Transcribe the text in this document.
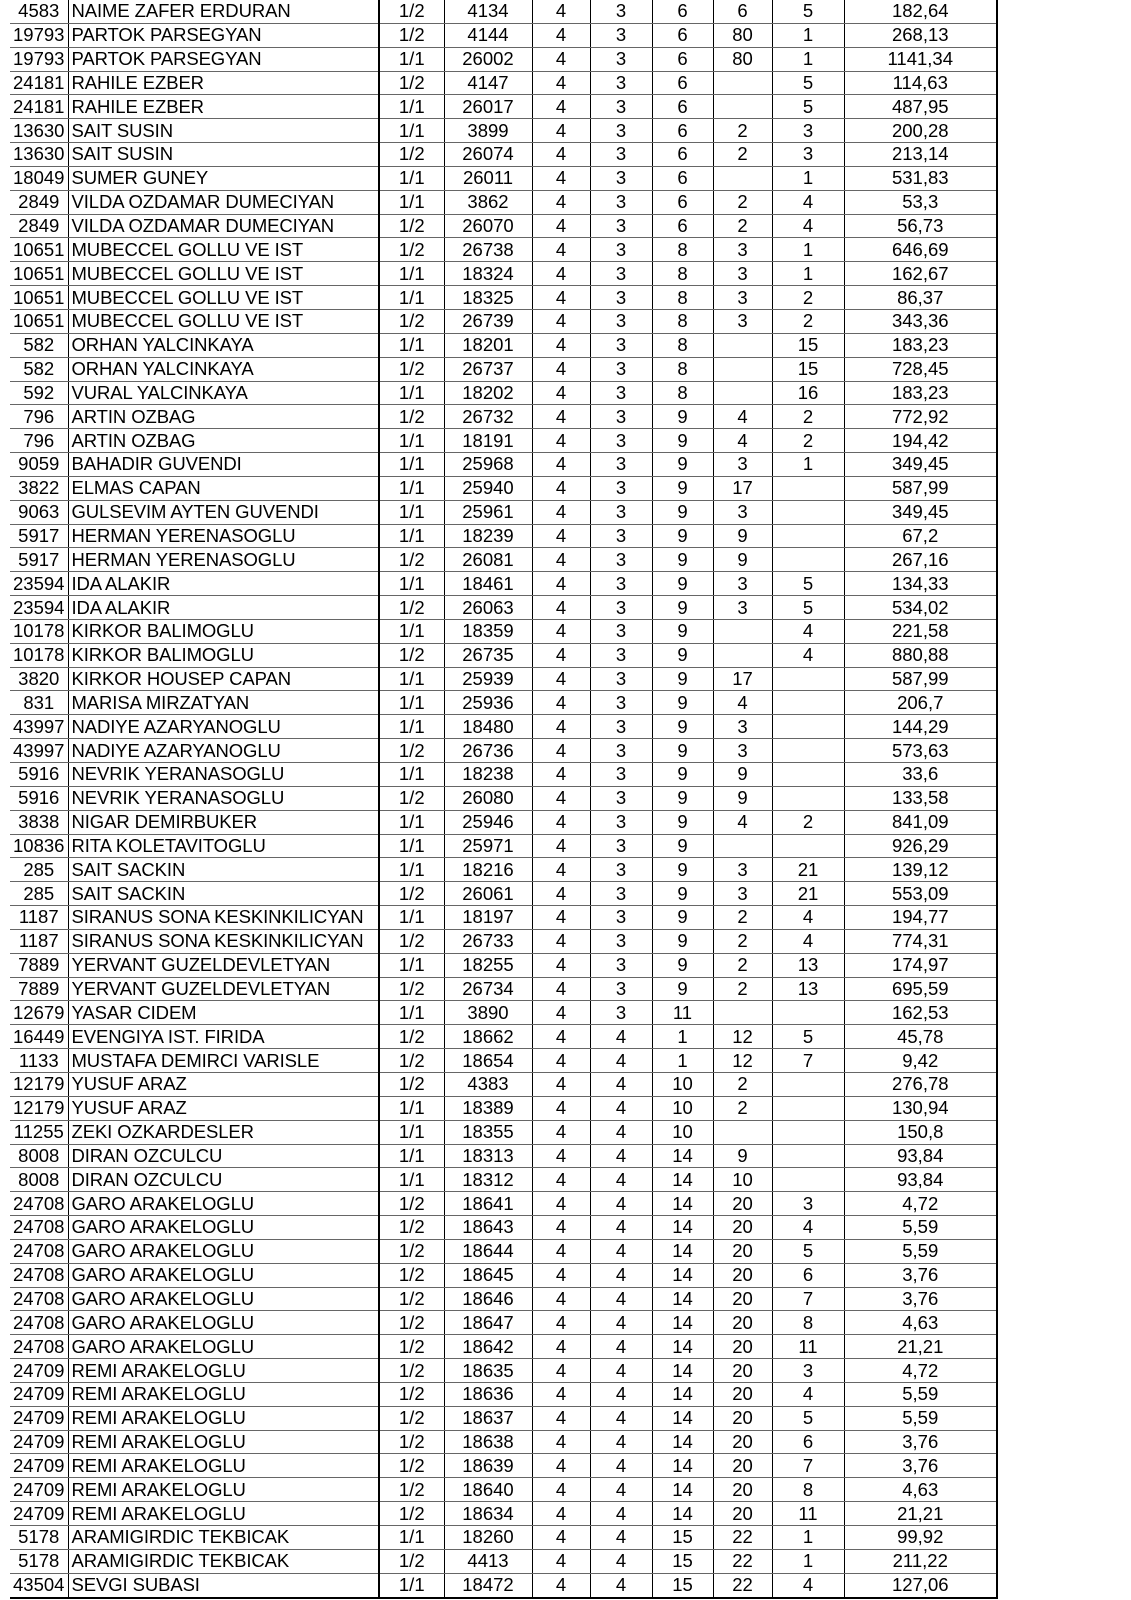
4583	NAIME ZAFER ERDURAN	1/2	4134	4	3	6	6	5	182,64
19793	PARTOK PARSEGYAN	1/2	4144	4	3	6	80	1	268,13
19793	PARTOK PARSEGYAN	1/1	26002	4	3	6	80	1	1141,34
24181	RAHILE EZBER	1/2	4147	4	3	6		5	114,63
24181	RAHILE EZBER	1/1	26017	4	3	6		5	487,95
13630	SAIT SUSIN	1/1	3899	4	3	6	2	3	200,28
13630	SAIT SUSIN	1/2	26074	4	3	6	2	3	213,14
18049	SUMER GUNEY	1/1	26011	4	3	6		1	531,83
2849	VILDA OZDAMAR DUMECIYAN	1/1	3862	4	3	6	2	4	53,3
2849	VILDA OZDAMAR DUMECIYAN	1/2	26070	4	3	6	2	4	56,73
10651	MUBECCEL GOLLU VE IST	1/2	26738	4	3	8	3	1	646,69
10651	MUBECCEL GOLLU VE IST	1/1	18324	4	3	8	3	1	162,67
10651	MUBECCEL GOLLU VE IST	1/1	18325	4	3	8	3	2	86,37
10651	MUBECCEL GOLLU VE IST	1/2	26739	4	3	8	3	2	343,36
582	ORHAN YALCINKAYA	1/1	18201	4	3	8		15	183,23
582	ORHAN YALCINKAYA	1/2	26737	4	3	8		15	728,45
592	VURAL YALCINKAYA	1/1	18202	4	3	8		16	183,23
796	ARTIN OZBAG	1/2	26732	4	3	9	4	2	772,92
796	ARTIN OZBAG	1/1	18191	4	3	9	4	2	194,42
9059	BAHADIR GUVENDI	1/1	25968	4	3	9	3	1	349,45
3822	ELMAS CAPAN	1/1	25940	4	3	9	17		587,99
9063	GULSEVIM AYTEN GUVENDI	1/1	25961	4	3	9	3		349,45
5917	HERMAN YERENASOGLU	1/1	18239	4	3	9	9		67,2
5917	HERMAN YERENASOGLU	1/2	26081	4	3	9	9		267,16
23594	IDA ALAKIR	1/1	18461	4	3	9	3	5	134,33
23594	IDA ALAKIR	1/2	26063	4	3	9	3	5	534,02
10178	KIRKOR BALIMOGLU	1/1	18359	4	3	9		4	221,58
10178	KIRKOR BALIMOGLU	1/2	26735	4	3	9		4	880,88
3820	KIRKOR HOUSEP CAPAN	1/1	25939	4	3	9	17		587,99
831	MARISA MIRZATYAN	1/1	25936	4	3	9	4		206,7
43997	NADIYE AZARYANOGLU	1/1	18480	4	3	9	3		144,29
43997	NADIYE AZARYANOGLU	1/2	26736	4	3	9	3		573,63
5916	NEVRIK YERANASOGLU	1/1	18238	4	3	9	9		33,6
5916	NEVRIK YERANASOGLU	1/2	26080	4	3	9	9		133,58
3838	NIGAR DEMIRBUKER	1/1	25946	4	3	9	4	2	841,09
10836	RITA KOLETAVITOGLU	1/1	25971	4	3	9			926,29
285	SAIT SACKIN	1/1	18216	4	3	9	3	21	139,12
285	SAIT SACKIN	1/2	26061	4	3	9	3	21	553,09
1187	SIRANUS SONA KESKINKILICYAN	1/1	18197	4	3	9	2	4	194,77
1187	SIRANUS SONA KESKINKILICYAN	1/2	26733	4	3	9	2	4	774,31
7889	YERVANT GUZELDEVLETYAN	1/1	18255	4	3	9	2	13	174,97
7889	YERVANT GUZELDEVLETYAN	1/2	26734	4	3	9	2	13	695,59
12679	YASAR CIDEM	1/1	3890	4	3	11			162,53
16449	EVENGIYA IST. FIRIDA	1/2	18662	4	4	1	12	5	45,78
1133	MUSTAFA DEMIRCI VARISLE	1/2	18654	4	4	1	12	7	9,42
12179	YUSUF ARAZ	1/2	4383	4	4	10	2		276,78
12179	YUSUF ARAZ	1/1	18389	4	4	10	2		130,94
11255	ZEKI OZKARDESLER	1/1	18355	4	4	10			150,8
8008	DIRAN OZCULCU	1/1	18313	4	4	14	9		93,84
8008	DIRAN OZCULCU	1/1	18312	4	4	14	10		93,84
24708	GARO ARAKELOGLU	1/2	18641	4	4	14	20	3	4,72
24708	GARO ARAKELOGLU	1/2	18643	4	4	14	20	4	5,59
24708	GARO ARAKELOGLU	1/2	18644	4	4	14	20	5	5,59
24708	GARO ARAKELOGLU	1/2	18645	4	4	14	20	6	3,76
24708	GARO ARAKELOGLU	1/2	18646	4	4	14	20	7	3,76
24708	GARO ARAKELOGLU	1/2	18647	4	4	14	20	8	4,63
24708	GARO ARAKELOGLU	1/2	18642	4	4	14	20	11	21,21
24709	REMI ARAKELOGLU	1/2	18635	4	4	14	20	3	4,72
24709	REMI ARAKELOGLU	1/2	18636	4	4	14	20	4	5,59
24709	REMI ARAKELOGLU	1/2	18637	4	4	14	20	5	5,59
24709	REMI ARAKELOGLU	1/2	18638	4	4	14	20	6	3,76
24709	REMI ARAKELOGLU	1/2	18639	4	4	14	20	7	3,76
24709	REMI ARAKELOGLU	1/2	18640	4	4	14	20	8	4,63
24709	REMI ARAKELOGLU	1/2	18634	4	4	14	20	11	21,21
5178	ARAMIGIRDIC TEKBICAK	1/1	18260	4	4	15	22	1	99,92
5178	ARAMIGIRDIC TEKBICAK	1/2	4413	4	4	15	22	1	211,22
43504	SEVGI SUBASI	1/1	18472	4	4	15	22	4	127,06
